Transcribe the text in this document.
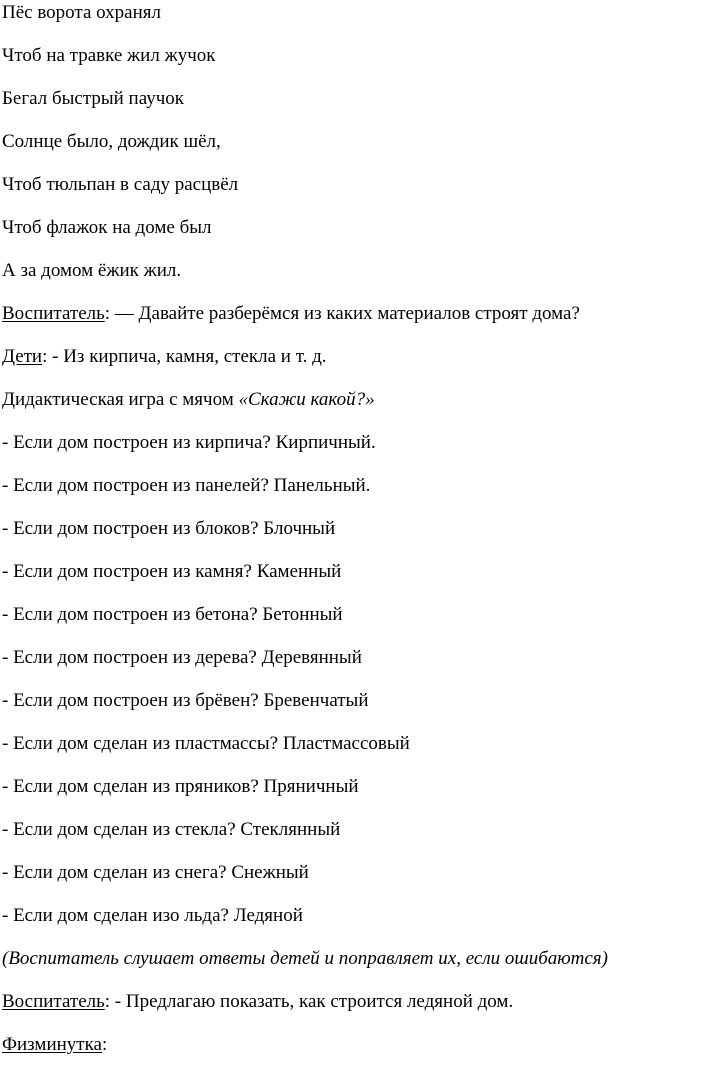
Пёс ворота охранял
Чтоб на травке жил жучок
Бегал быстрый паучок
Солнце было, дождик шёл,
Чтоб тюльпан в саду расцвёл
Чтоб флажок на доме был
А за домом ёжик жил.
Воспитатель: — Давайте разберёмся из каких материалов строят дома?
Дети: - Из кирпича, камня, стекла и т. д.
Дидактическая игра с мячом «Скажи какой?»
- Если дом построен из кирпича? Кирпичный.
- Если дом построен из панелей? Панельный.
- Если дом построен из блоков? Блочный
- Если дом построен из камня? Каменный
- Если дом построен из бетона? Бетонный
- Если дом построен из дерева? Деревянный
- Если дом построен из брёвен? Бревенчатый
- Если дом сделан из пластмассы? Пластмассовый
- Если дом сделан из пряников? Пряничный
- Если дом сделан из стекла? Стеклянный
- Если дом сделан из снега? Снежный
- Если дом сделан изо льда? Ледяной
(Воспитатель слушает ответы детей и поправляет их, если ошибаются)
Воспитатель: - Предлагаю показать, как строится ледяной дом.
Физминутка:
